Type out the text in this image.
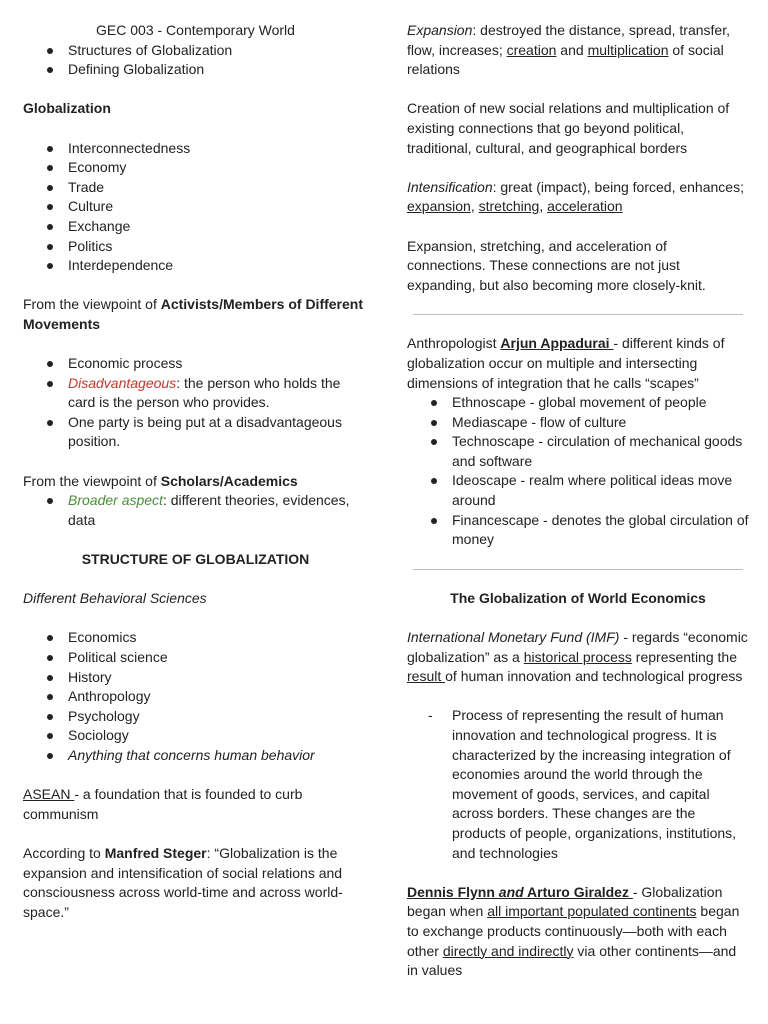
GEC 003 - Contemporary World
Structures of Globalization
Defining Globalization
Globalization
Interconnectedness
Economy
Trade
Culture
Exchange
Politics
Interdependence
From the viewpoint of Activists/Members of Different Movements
Economic process
Disadvantageous: the person who holds the card is the person who provides.
One party is being put at a disadvantageous position.
From the viewpoint of Scholars/Academics
Broader aspect: different theories, evidences, data
STRUCTURE OF GLOBALIZATION
Different Behavioral Sciences
Economics
Political science
History
Anthropology
Psychology
Sociology
Anything that concerns human behavior
ASEAN - a foundation that is founded to curb communism
According to Manfred Steger: “Globalization is the expansion and intensification of social relations and consciousness across world-time and across world-space.”
Expansion: destroyed the distance, spread, transfer, flow, increases; creation and multiplication of social relations
Creation of new social relations and multiplication of existing connections that go beyond political, traditional, cultural, and geographical borders
Intensification: great (impact), being forced, enhances; expansion, stretching, acceleration
Expansion, stretching, and acceleration of connections. These connections are not just expanding, but also becoming more closely-knit.
Anthropologist Arjun Appadurai - different kinds of globalization occur on multiple and intersecting dimensions of integration that he calls “scapes”
Ethnoscape - global movement of people
Mediascape - flow of culture
Technoscape - circulation of mechanical goods and software
Ideoscape - realm where political ideas move around
Financescape - denotes the global circulation of money
The Globalization of World Economics
International Monetary Fund (IMF) - regards “economic globalization” as a historical process representing the result of human innovation and technological progress
- Process of representing the result of human innovation and technological progress. It is characterized by the increasing integration of economies around the world through the movement of goods, services, and capital across borders. These changes are the products of people, organizations, institutions, and technologies
Dennis Flynn and Arturo Giraldez - Globalization began when all important populated continents began to exchange products continuously—both with each other directly and indirectly via other continents—and in values
